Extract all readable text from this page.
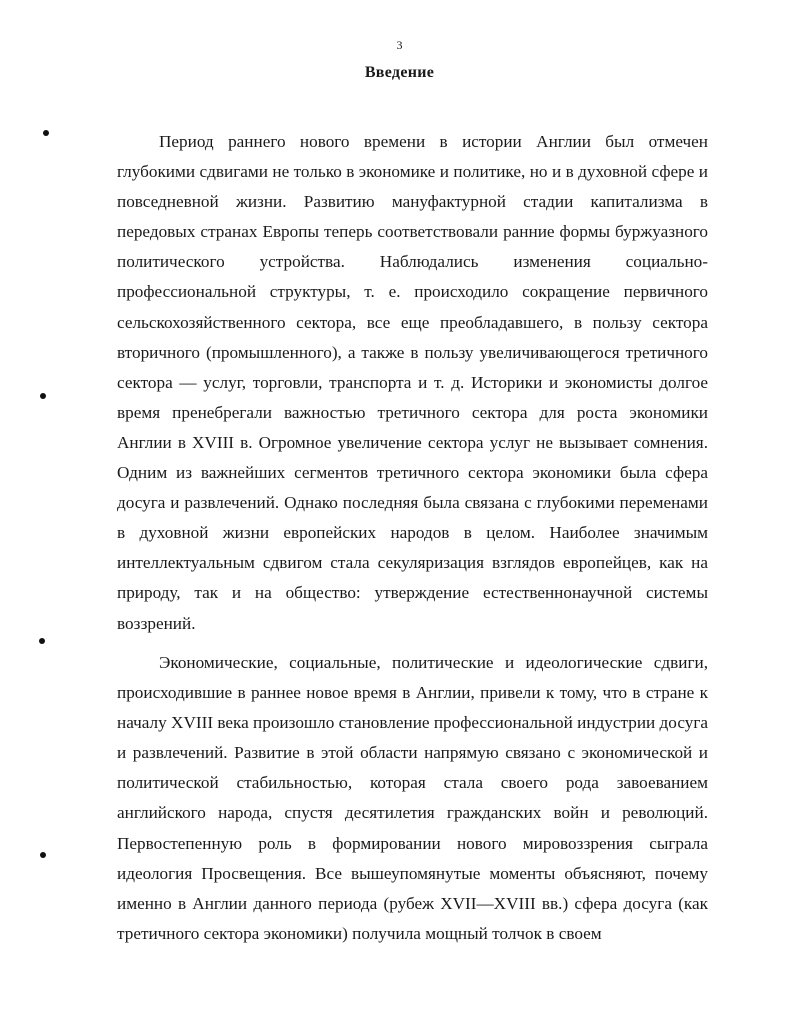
3
Введение

Период раннего нового времени в истории Англии был отмечен глубокими сдвигами не только в экономике и политике, но и в духовной сфере и повседневной жизни. Развитию мануфактурной стадии капитализма в передовых странах Европы теперь соответствовали ранние формы буржуазного политического устройства. Наблюдались изменения социально-профессиональной структуры, т. е. происходило сокращение первичного сельскохозяйственного сектора, все еще преобладавшего, в пользу сектора вторичного (промышленного), а также в пользу увеличивающегося третичного сектора — услуг, торговли, транспорта и т. д. Историки и экономисты долгое время пренебрегали важностью третичного сектора для роста экономики Англии в XVIII в. Огромное увеличение сектора услуг не вызывает сомнения. Одним из важнейших сегментов третичного сектора экономики была сфера досуга и развлечений. Однако последняя была связана с глубокими переменами в духовной жизни европейских народов в целом. Наиболее значимым интеллектуальным сдвигом стала секуляризация взглядов европейцев, как на природу, так и на общество: утверждение естественнонаучной системы воззрений.

Экономические, социальные, политические и идеологические сдвиги, происходившие в раннее новое время в Англии, привели к тому, что в стране к началу XVIII века произошло становление профессиональной индустрии досуга и развлечений. Развитие в этой области напрямую связано с экономической и политической стабильностью, которая стала своего рода завоеванием английского народа, спустя десятилетия гражданских войн и революций. Первостепенную роль в формировании нового мировоззрения сыграла идеология Просвещения. Все вышеупомянутые моменты объясняют, почему именно в Англии данного периода (рубеж XVII—XVIII вв.) сфера досуга (как третичного сектора экономики) получила мощный толчок в своем
